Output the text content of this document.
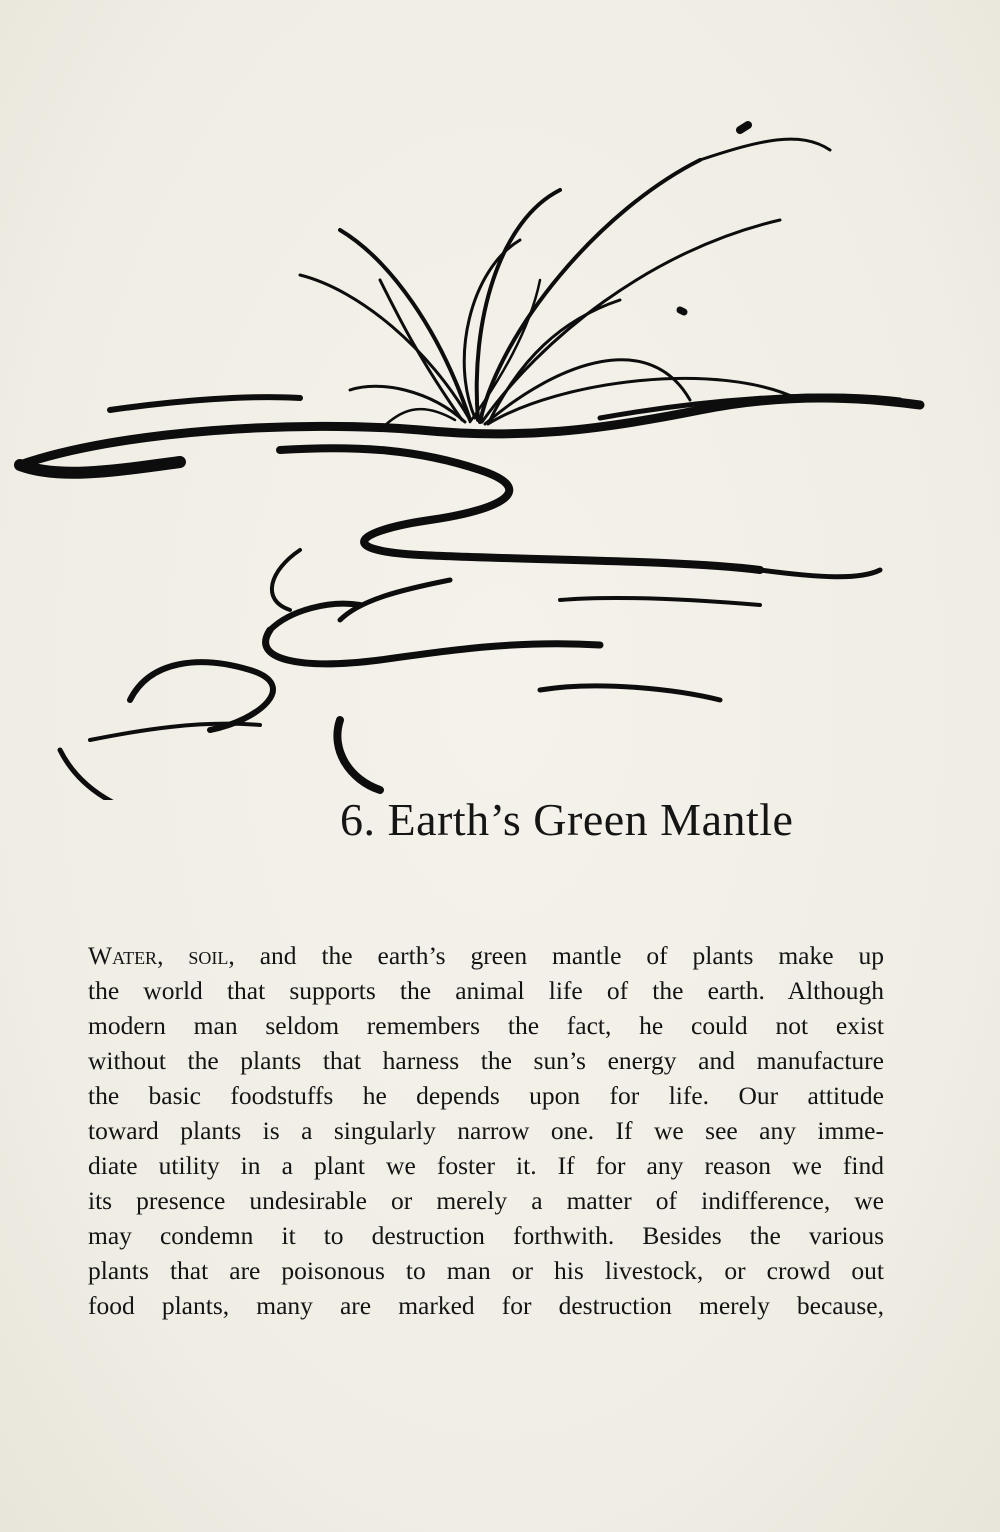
6. Earth’s Green Mantle
Water, soil, and the earth’s green mantle of plants make up
the world that supports the animal life of the earth. Although
modern man seldom remembers the fact, he could not exist
without the plants that harness the sun’s energy and manufacture
the basic foodstuffs he depends upon for life. Our attitude
toward plants is a singularly narrow one. If we see any imme-
diate utility in a plant we foster it. If for any reason we find
its presence undesirable or merely a matter of indifference, we
may condemn it to destruction forthwith. Besides the various
plants that are poisonous to man or his livestock, or crowd out
food plants, many are marked for destruction merely because,
